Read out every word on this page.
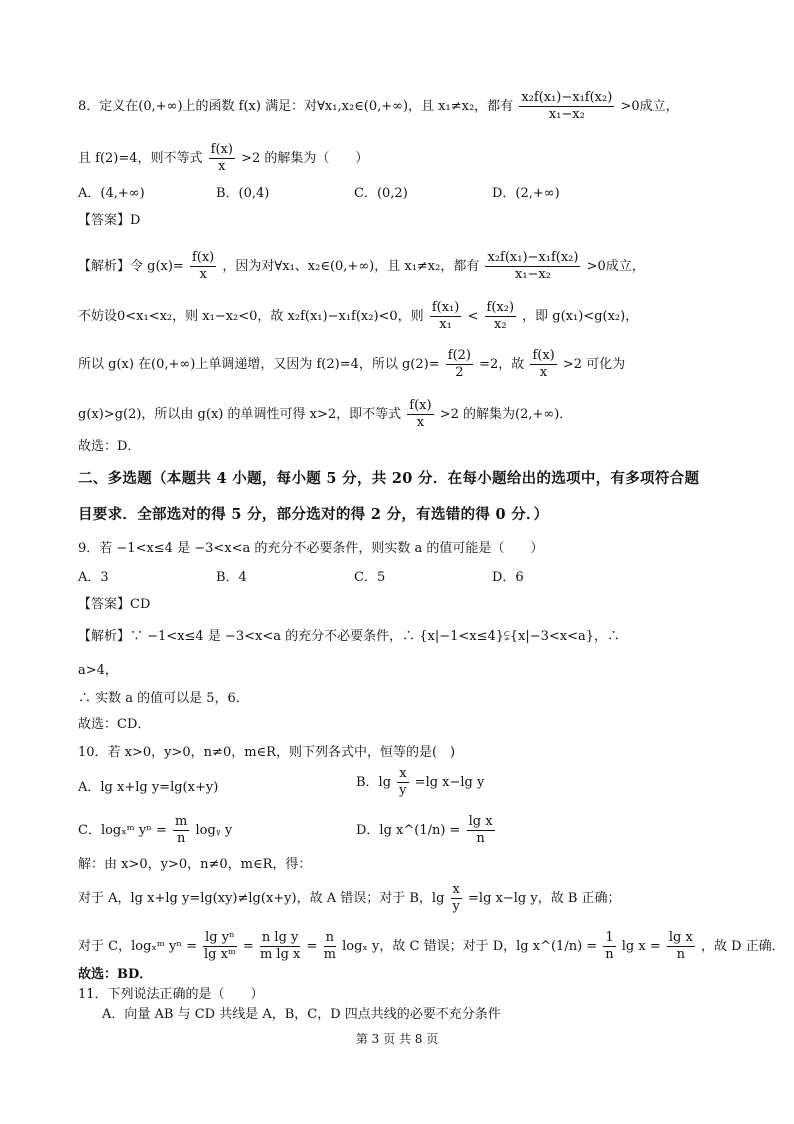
8．定义在(0,+∞)上的函数 f(x) 满足：对∀x₁,x₂∈(0,+∞)，且 x₁≠x₂，都有 $\frac{\text{x₂f(x₁)−x₁f(x₂)}}{\text{x₁−x₂}} >0$成立，
且 f(2)=4，则不等式 $\frac{f(x)}{x} >2$ 的解集为（　　）
A．(4,+∞)	B．(0,4)	C．(0,2)	D．(2,+∞)
【答案】D
【解析】令 $g(x)= \frac{f(x)}{x}$ ，因为对∀x₁、x₂∈(0,+∞)，且 x₁≠x₂，都有 $\frac{\text{x₂f(x₁)−x₁f(x₂)}}{\text{x₁−x₂}} >0$成立，
不妨设0<x₁<x₂，则 x₁−x₂<0，故 x₂f(x₁)−x₁f(x₂)<0，则 $\frac{\text{f(x₁)}}{\text{x₁}} < \frac{\text{f(x₂)}}{\text{x₂}}$ ，即 g(x₁)<g(x₂)，
所以 g(x) 在(0,+∞)上单调递增，又因为 f(2)=4，所以 $g(2)= \frac{f(2)}{2} =2$，故 $\frac{f(x)}{x} >2$ 可化为
g(x)>g(2)，所以由 g(x) 的单调性可得 x>2，即不等式 $\frac{f(x)}{x} >2$ 的解集为(2,+∞)．
故选：D．
二、多选题（本题共 4 小题，每小题 5 分，共 20 分．在每小题给出的选项中，有多项符合题
目要求．全部选对的得 5 分，部分选对的得 2 分，有选错的得 0 分．）
9．若 −1<x≤4 是 −3<x<a 的充分不必要条件，则实数 a 的值可能是（　　）
A．3	B．4	C．5	D．6
【答案】CD
【解析】∵ −1<x≤4 是 −3<x<a 的充分不必要条件，∴ {x|−1<x≤4}⫋{x|−3<x<a}，∴
a>4，
∴ 实数 a 的值可以是 5，6．
故选：CD．
10．若 x>0，y>0，n≠0，m∈R，则下列各式中，恒等的是(　)
A．lg x+lg y=lg(x+y)	B．$\lg \frac{x}{y} =\lg$ x−lg y
C．logₓᵐ $y^n = \frac{m}{n}$ logᵧ y	D．lg x^(1/n) = $\frac{\text{lg x}}{n}$
解：由 x>0，y>0，n≠0，m∈R，得：
对于 A，lg x+lg y=lg(xy)≠lg(x+y)，故 A 错误；对于 B，$\lg \frac{x}{y} =\lg$ x−lg y，故 B 正确；
对于 C，logₓᵐ $y^n = \frac{\text{lg yⁿ}}{\text{lg xᵐ}} = \frac{\text{n lg y}}{\text{m lg x}} = \frac{n}{m}$ logₓ y，故 C 错误；对于 D，lg x^(1/n) = $\frac{1}{n}$ $\lg x = \frac{\text{lg x}}{n}$ ，故 D 正确．
故选：BD．
11．下列说法正确的是（　　）
A．向量 AB 与 CD 共线是 A，B，C，D 四点共线的必要不充分条件
第 3 页 共 8 页
